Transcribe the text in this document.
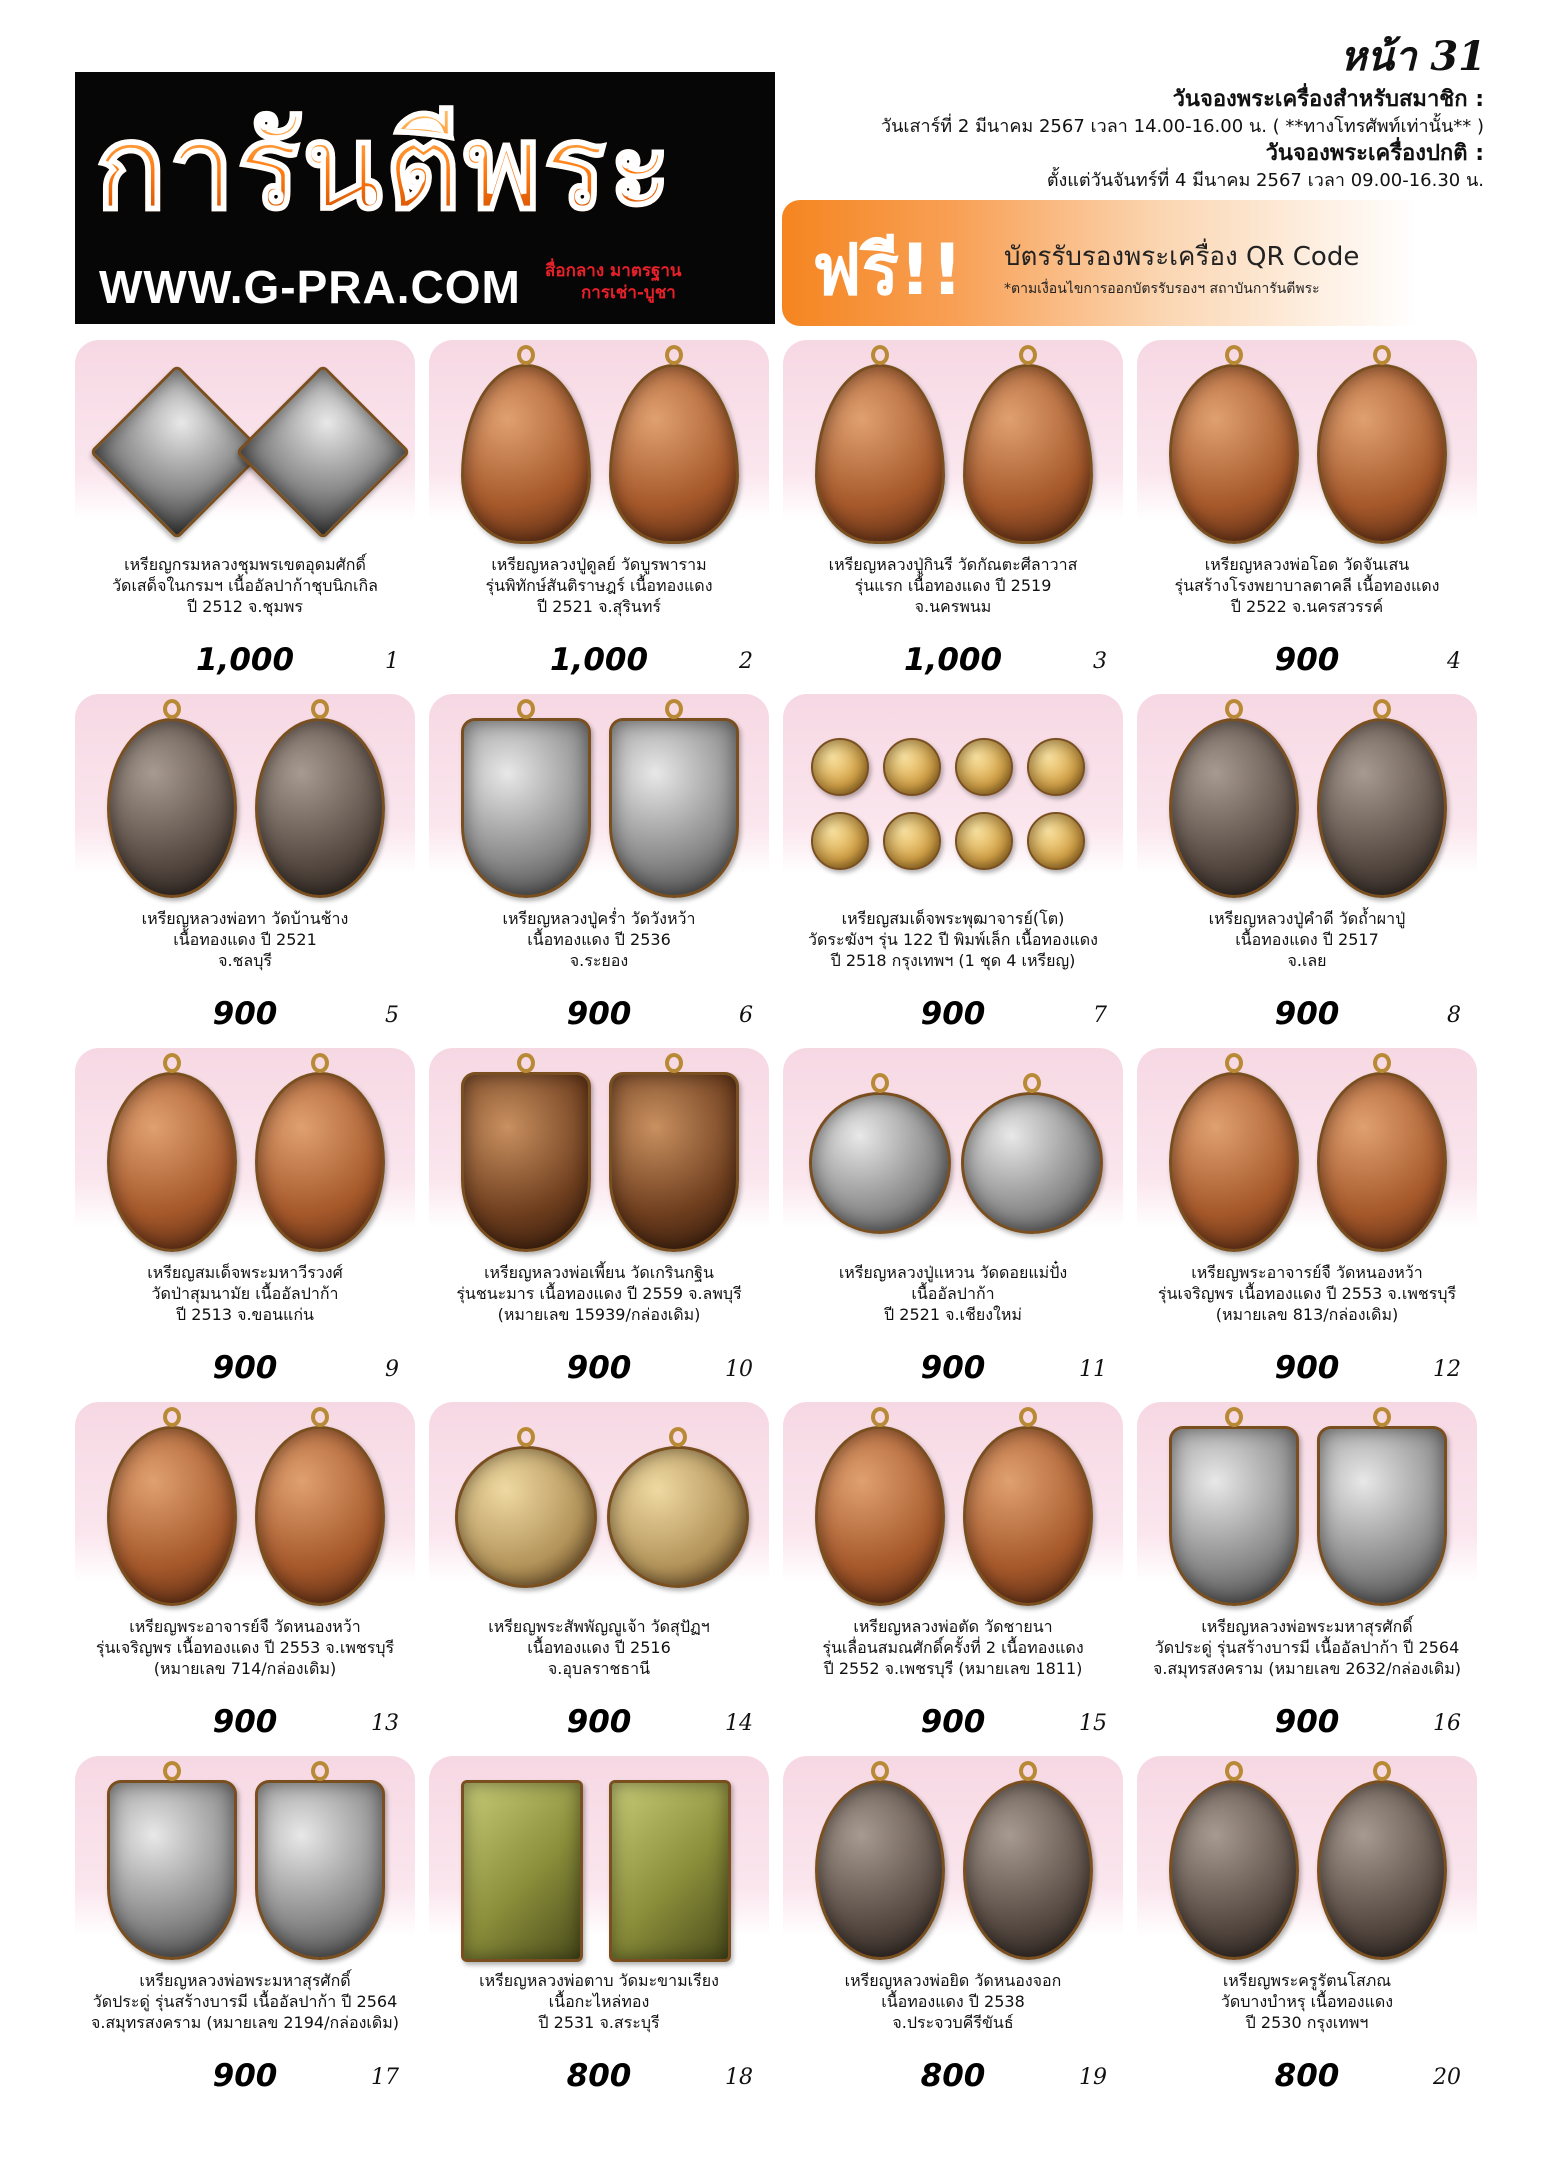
หน้า 31
การันตีพระ
WWW.G-PRA.COM สื่อกลาง มาตรฐาน
การเช่า-บูชา
วันจองพระเครื่องสำหรับสมาชิก :
วันเสาร์ที่ 2 มีนาคม 2567 เวลา 14.00-16.00 น. ( **ทางโทรศัพท์เท่านั้น** )
วันจองพระเครื่องปกติ :
ตั้งแต่วันจันทร์ที่ 4 มีนาคม 2567 เวลา 09.00-16.30 น.
ฟรี!! บัตรรับรองพระเครื่อง QR Code
*ตามเงื่อนไขการออกบัตรรับรองฯ สถาบันการันตีพระ
เหรียญกรมหลวงชุมพรเขตอุดมศักดิ์
วัดเสด็จในกรมฯ เนื้ออัลปาก้าชุบนิกเกิล
ปี 2512 จ.ชุมพร
1,000	1
เหรียญหลวงปู่ดูลย์ วัดบูรพาราม
รุ่นพิทักษ์สันติราษฎร์ เนื้อทองแดง
ปี 2521 จ.สุรินทร์
1,000	2
เหรียญหลวงปู่กินรี วัดกัณตะศีลาวาส
รุ่นแรก เนื้อทองแดง ปี 2519
จ.นครพนม
1,000	3
เหรียญหลวงพ่อโอด วัดจันเสน
รุ่นสร้างโรงพยาบาลตาคลี เนื้อทองแดง
ปี 2522 จ.นครสวรรค์
900	4
เหรียญหลวงพ่อทา วัดบ้านช้าง
เนื้อทองแดง ปี 2521
จ.ชลบุรี
900	5
เหรียญหลวงปู่คร่ำ วัดวังหว้า
เนื้อทองแดง ปี 2536
จ.ระยอง
900	6
เหรียญสมเด็จพระพุฒาจารย์(โต)
วัดระฆังฯ รุ่น 122 ปี พิมพ์เล็ก เนื้อทองแดง
ปี 2518 กรุงเทพฯ (1 ชุด 4 เหรียญ)
900	7
เหรียญหลวงปู่คำดี วัดถ้ำผาปู่
เนื้อทองแดง ปี 2517
จ.เลย
900	8
เหรียญสมเด็จพระมหาวีรวงศ์
วัดป่าสุมนามัย เนื้ออัลปาก้า
ปี 2513 จ.ขอนแก่น
900	9
เหรียญหลวงพ่อเพี้ยน วัดเกรินกฐิน
รุ่นชนะมาร เนื้อทองแดง ปี 2559 จ.ลพบุรี
(หมายเลข 15939/กล่องเดิม)
900	10
เหรียญหลวงปู่แหวน วัดดอยแม่ปั๋ง
เนื้ออัลปาก้า
ปี 2521 จ.เชียงใหม่
900	11
เหรียญพระอาจารย์จื วัดหนองหว้า
รุ่นเจริญพร เนื้อทองแดง ปี 2553 จ.เพชรบุรี
(หมายเลข 813/กล่องเดิม)
900	12
เหรียญพระอาจารย์จื วัดหนองหว้า
รุ่นเจริญพร เนื้อทองแดง ปี 2553 จ.เพชรบุรี
(หมายเลข 714/กล่องเดิม)
900	13
เหรียญพระสัพพัญญูเจ้า วัดสุปัฏฯ
เนื้อทองแดง ปี 2516
จ.อุบลราชธานี
900	14
เหรียญหลวงพ่อตัด วัดชายนา
รุ่นเลื่อนสมณศักดิ์ครั้งที่ 2 เนื้อทองแดง
ปี 2552 จ.เพชรบุรี (หมายเลข 1811)
900	15
เหรียญหลวงพ่อพระมหาสุรศักดิ์
วัดประดู่ รุ่นสร้างบารมี เนื้ออัลปาก้า ปี 2564
จ.สมุทรสงคราม (หมายเลข 2632/กล่องเดิม)
900	16
เหรียญหลวงพ่อพระมหาสุรศักดิ์
วัดประดู่ รุ่นสร้างบารมี เนื้ออัลปาก้า ปี 2564
จ.สมุทรสงคราม (หมายเลข 2194/กล่องเดิม)
900	17
เหรียญหลวงพ่อตาบ วัดมะขามเรียง
เนื้อกะไหล่ทอง
ปี 2531 จ.สระบุรี
800	18
เหรียญหลวงพ่อยิด วัดหนองจอก
เนื้อทองแดง ปี 2538
จ.ประจวบคีรีขันธ์
800	19
เหรียญพระครูรัตนโสภณ
วัดบางบำหรุ เนื้อทองแดง
ปี 2530 กรุงเทพฯ
800	20
